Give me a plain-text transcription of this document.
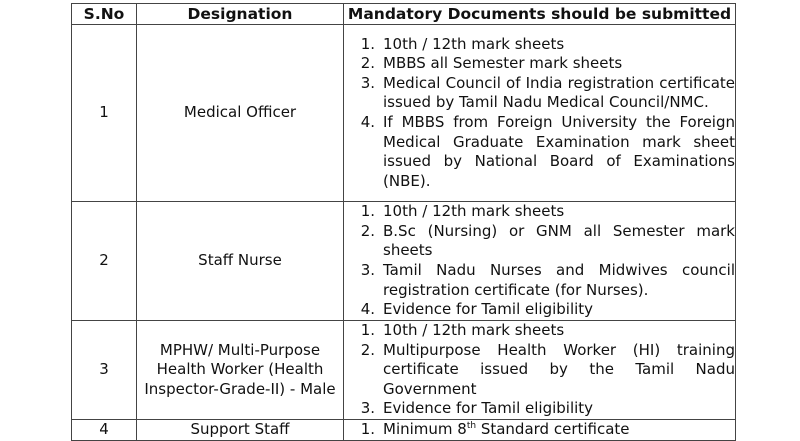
S.No	Designation	Mandatory Documents should be submitted
1	Medical Officer	
1. 10th / 12th mark sheets
2. MBBS all Semester mark sheets
3. Medical Council of India registration certificate issued by Tamil Nadu Medical Council/NMC.
4. If MBBS from Foreign University the Foreign Medical Graduate Examination mark sheet issued by National Board of Examinations (NBE).

2	Staff Nurse	
1. 10th / 12th mark sheets
2. B.Sc (Nursing) or GNM all Semester mark sheets
3. Tamil Nadu Nurses and Midwives council registration certificate (for Nurses).
4. Evidence for Tamil eligibility

3	MPHW/ Multi-Purpose Health Worker (Health Inspector-Grade-II) - Male	
1. 10th / 12th mark sheets
2. Multipurpose Health Worker (HI) training certificate issued by the Tamil Nadu Government
3. Evidence for Tamil eligibility

4	Support Staff	1. Minimum 8th Standard certificate
